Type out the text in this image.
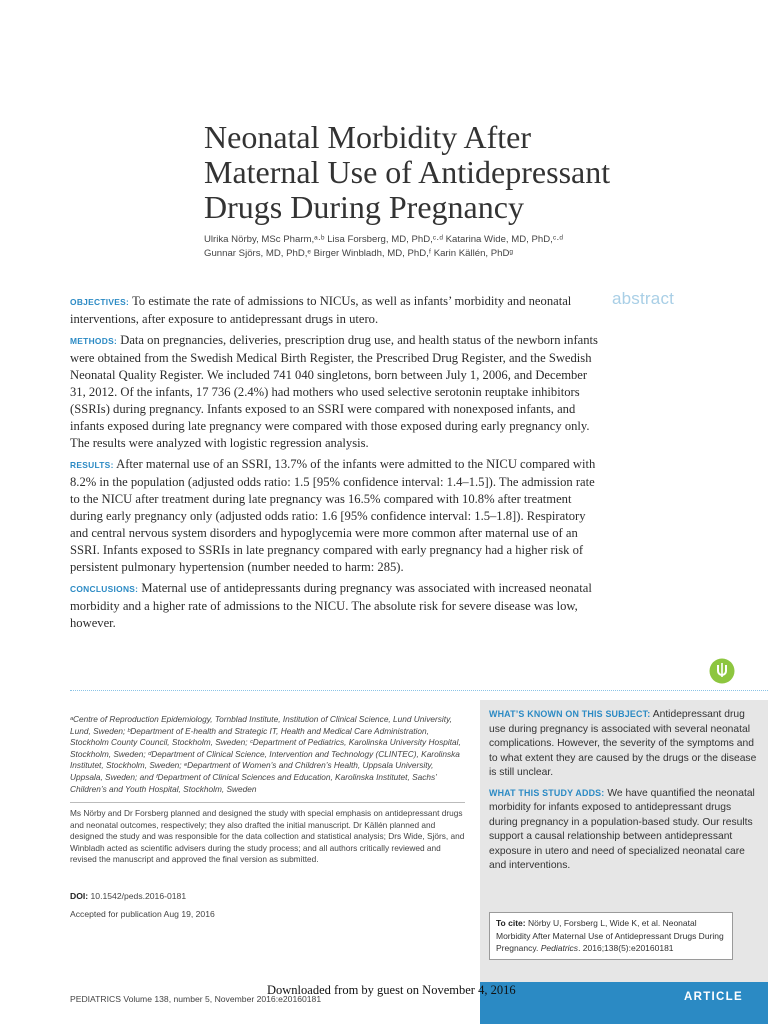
Neonatal Morbidity After
Maternal Use of Antidepressant
Drugs During Pregnancy
Ulrika Nörby, MSc Pharm,ᵃ·ᵇ Lisa Forsberg, MD, PhD,ᶜ·ᵈ Katarina Wide, MD, PhD,ᶜ·ᵈ
Gunnar Sjörs, MD, PhD,ᵉ Birger Winbladh, MD, PhD,ᶠ Karin Källén, PhDᵍ
abstract

OBJECTIVES: To estimate the rate of admissions to NICUs, as well as infants’ morbidity and neonatal interventions, after exposure to antidepressant drugs in utero.

METHODS: Data on pregnancies, deliveries, prescription drug use, and health status of the newborn infants were obtained from the Swedish Medical Birth Register, the Prescribed Drug Register, and the Swedish Neonatal Quality Register. We included 741 040 singletons, born between July 1, 2006, and December 31, 2012. Of the infants, 17 736 (2.4%) had mothers who used selective serotonin reuptake inhibitors (SSRIs) during pregnancy. Infants exposed to an SSRI were compared with nonexposed infants, and infants exposed during late pregnancy were compared with those exposed during early pregnancy only. The results were analyzed with logistic regression analysis.

RESULTS: After maternal use of an SSRI, 13.7% of the infants were admitted to the NICU compared with 8.2% in the population (adjusted odds ratio: 1.5 [95% confidence interval: 1.4–1.5]). The admission rate to the NICU after treatment during late pregnancy was 16.5% compared with 10.8% after treatment during early pregnancy only (adjusted odds ratio: 1.6 [95% confidence interval: 1.5–1.8]). Respiratory and central nervous system disorders and hypoglycemia were more common after maternal use of an SSRI. Infants exposed to SSRIs in late pregnancy compared with early pregnancy had a higher risk of persistent pulmonary hypertension (number needed to harm: 285).

CONCLUSIONS: Maternal use of antidepressants during pregnancy was associated with increased neonatal morbidity and a higher rate of admissions to the NICU. The absolute risk for severe disease was low, however.

ᵃCentre of Reproduction Epidemiology, Tornblad Institute, Institution of Clinical Science, Lund University, Lund, Sweden; ᵇDepartment of E-health and Strategic IT, Health and Medical Care Administration, Stockholm County Council, Stockholm, Sweden; ᶜDepartment of Pediatrics, Karolinska University Hospital, Stockholm, Sweden; ᵈDepartment of Clinical Science, Intervention and Technology (CLINTEC), Karolinska Institutet, Stockholm, Sweden; ᵉDepartment of Women’s and Children’s Health, Uppsala University, Uppsala, Sweden; and ᶠDepartment of Clinical Sciences and Education, Karolinska Institutet, Sachs’ Children’s and Youth Hospital, Stockholm, Sweden
Ms Nörby and Dr Forsberg planned and designed the study with special emphasis on antidepressant drugs and neonatal outcomes, respectively; they also drafted the initial manuscript. Dr Källén planned and designed the study and was responsible for the data collection and statistical analysis; Drs Wide, Sjörs, and Winbladh acted as scientific advisers during the study process; and all authors critically reviewed and revised the manuscript and approved the final version as submitted.
DOI: 10.1542/peds.2016-0181
Accepted for publication Aug 19, 2016

WHAT’S KNOWN ON THIS SUBJECT: Antidepressant drug use during pregnancy is associated with several neonatal complications. However, the severity of the symptoms and to what extent they are caused by the drugs or the disease is still unclear.

WHAT THIS STUDY ADDS: We have quantified the neonatal morbidity for infants exposed to antidepressant drugs during pregnancy in a population-based study. Our results support a causal relationship between antidepressant exposure in utero and need of specialized neonatal care and interventions.

To cite: Nörby U, Forsberg L, Wide K, et al. Neonatal Morbidity After Maternal Use of Antidepressant Drugs During Pregnancy. Pediatrics. 2016;138(5):e20160181
ARTICLE
PEDIATRICS Volume 138, number 5, November 2016:e20160181
Downloaded from by guest on November 4, 2016
